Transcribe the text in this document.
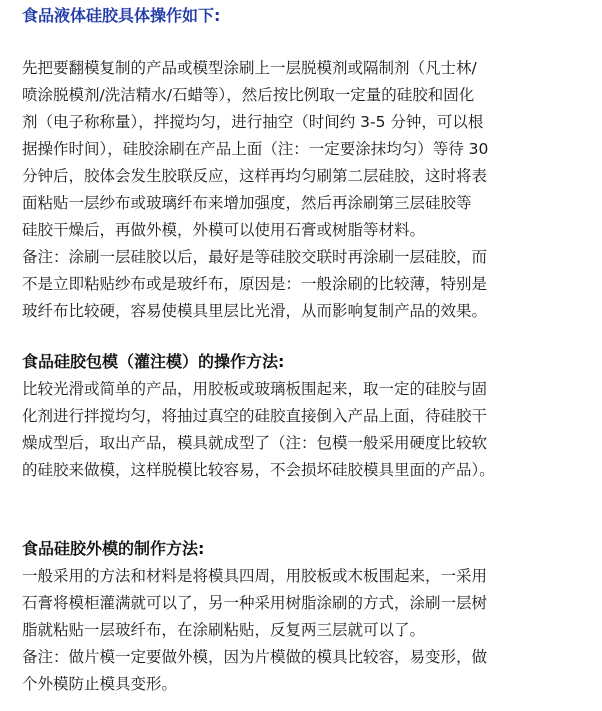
食品液体硅胶具体操作如下:
先把要翻模复制的产品或模型涂刷上一层脱模剂或隔制剂（凡士林/
喷涂脱模剂/洗洁精水/石蜡等），然后按比例取一定量的硅胶和固化
剂（电子称称量），拌搅均匀，进行抽空（时间约 3-5 分钟，可以根
据操作时间），硅胶涂刷在产品上面（注：一定要涂抹均匀）等待 30
分钟后，胶体会发生胶联反应，这样再均匀刷第二层硅胶，这时将表
面粘贴一层纱布或玻璃纤布来增加强度，然后再涂刷第三层硅胶等
硅胶干燥后，再做外模，外模可以使用石膏或树脂等材料。
备注：涂刷一层硅胶以后，最好是等硅胶交联时再涂刷一层硅胶，而
不是立即粘贴纱布或是玻纤布，原因是：一般涂刷的比较薄，特别是
玻纤布比较硬，容易使模具里层比光滑，从而影响复制产品的效果。
食品硅胶包模（灌注模）的操作方法:
比较光滑或简单的产品，用胶板或玻璃板围起来，取一定的硅胶与固
化剂进行拌搅均匀，将抽过真空的硅胶直接倒入产品上面，待硅胶干
燥成型后，取出产品，模具就成型了（注：包模一般采用硬度比较软
的硅胶来做模，这样脱模比较容易，不会损坏硅胶模具里面的产品）。
食品硅胶外模的制作方法:
一般采用的方法和材料是将模具四周，用胶板或木板围起来，一采用
石膏将模柜灌满就可以了，另一种采用树脂涂刷的方式，涂刷一层树
脂就粘贴一层玻纤布，在涂刷粘贴，反复两三层就可以了。
备注：做片模一定要做外模，因为片模做的模具比较容，易变形，做
个外模防止模具变形。
